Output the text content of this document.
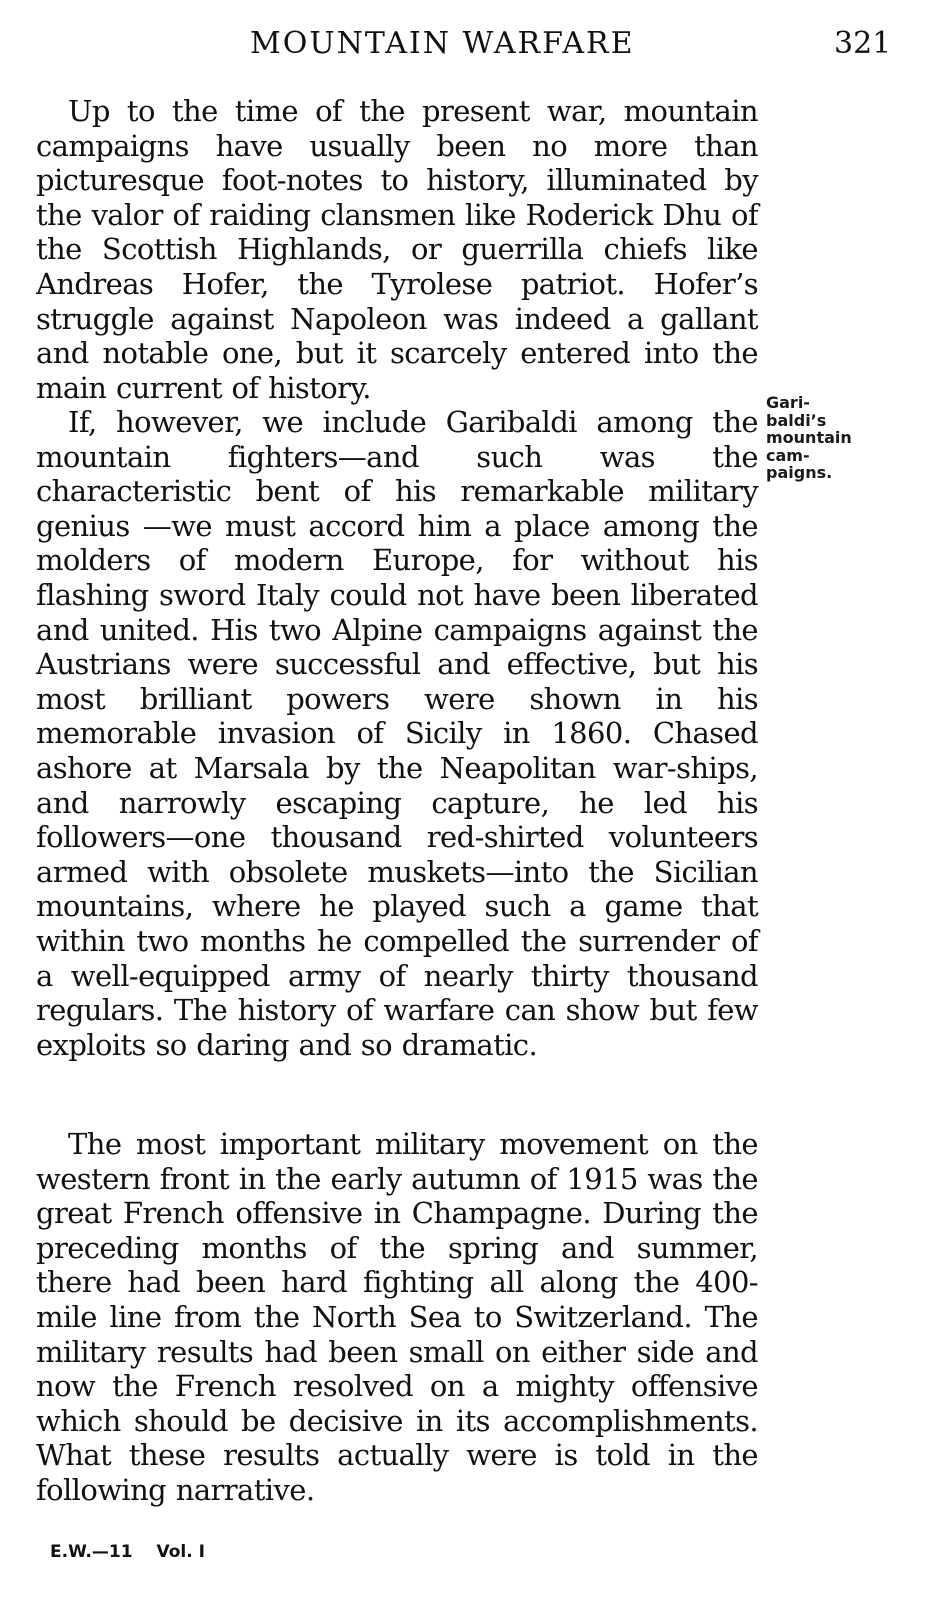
MOUNTAIN WARFARE	321

Up to the time of the present war, mountain campaigns have usually been no more than picturesque foot-notes to history, illuminated by the valor of raiding clansmen like Roderick Dhu of the Scottish Highlands, or guerrilla chiefs like Andreas Hofer, the Tyrolese patriot. Hofer’s struggle against Napoleon was indeed a gallant and notable one, but it scarcely entered into the main current of history.

If, however, we include Garibaldi among the mountain fighters—and such was the characteristic bent of his remarkable military genius —we must accord him a place among the molders of modern Europe, for without his flashing sword Italy could not have been liberated and united. His two Alpine campaigns against the Austrians were successful and effective, but his most brilliant powers were shown in his memorable invasion of Sicily in 1860. Chased ashore at Marsala by the Neapolitan war-ships, and narrowly escaping capture, he led his followers—one thousand red-shirted volunteers armed with obsolete muskets—into the Sicilian mountains, where he played such a game that within two months he compelled the surrender of a well-equipped army of nearly thirty thousand regulars. The history of warfare can show but few exploits so daring and so dramatic.

Gari-
baldi’s
mountain
cam-
paigns.

The most important military movement on the western front in the early autumn of 1915 was the great French offensive in Champagne. During the preceding months of the spring and summer, there had been hard fighting all along the 400-mile line from the North Sea to Switzerland. The military results had been small on either side and now the French resolved on a mighty offensive which should be decisive in its accomplishments. What these results actually were is told in the following narrative.

E.W.—11 Vol. I
